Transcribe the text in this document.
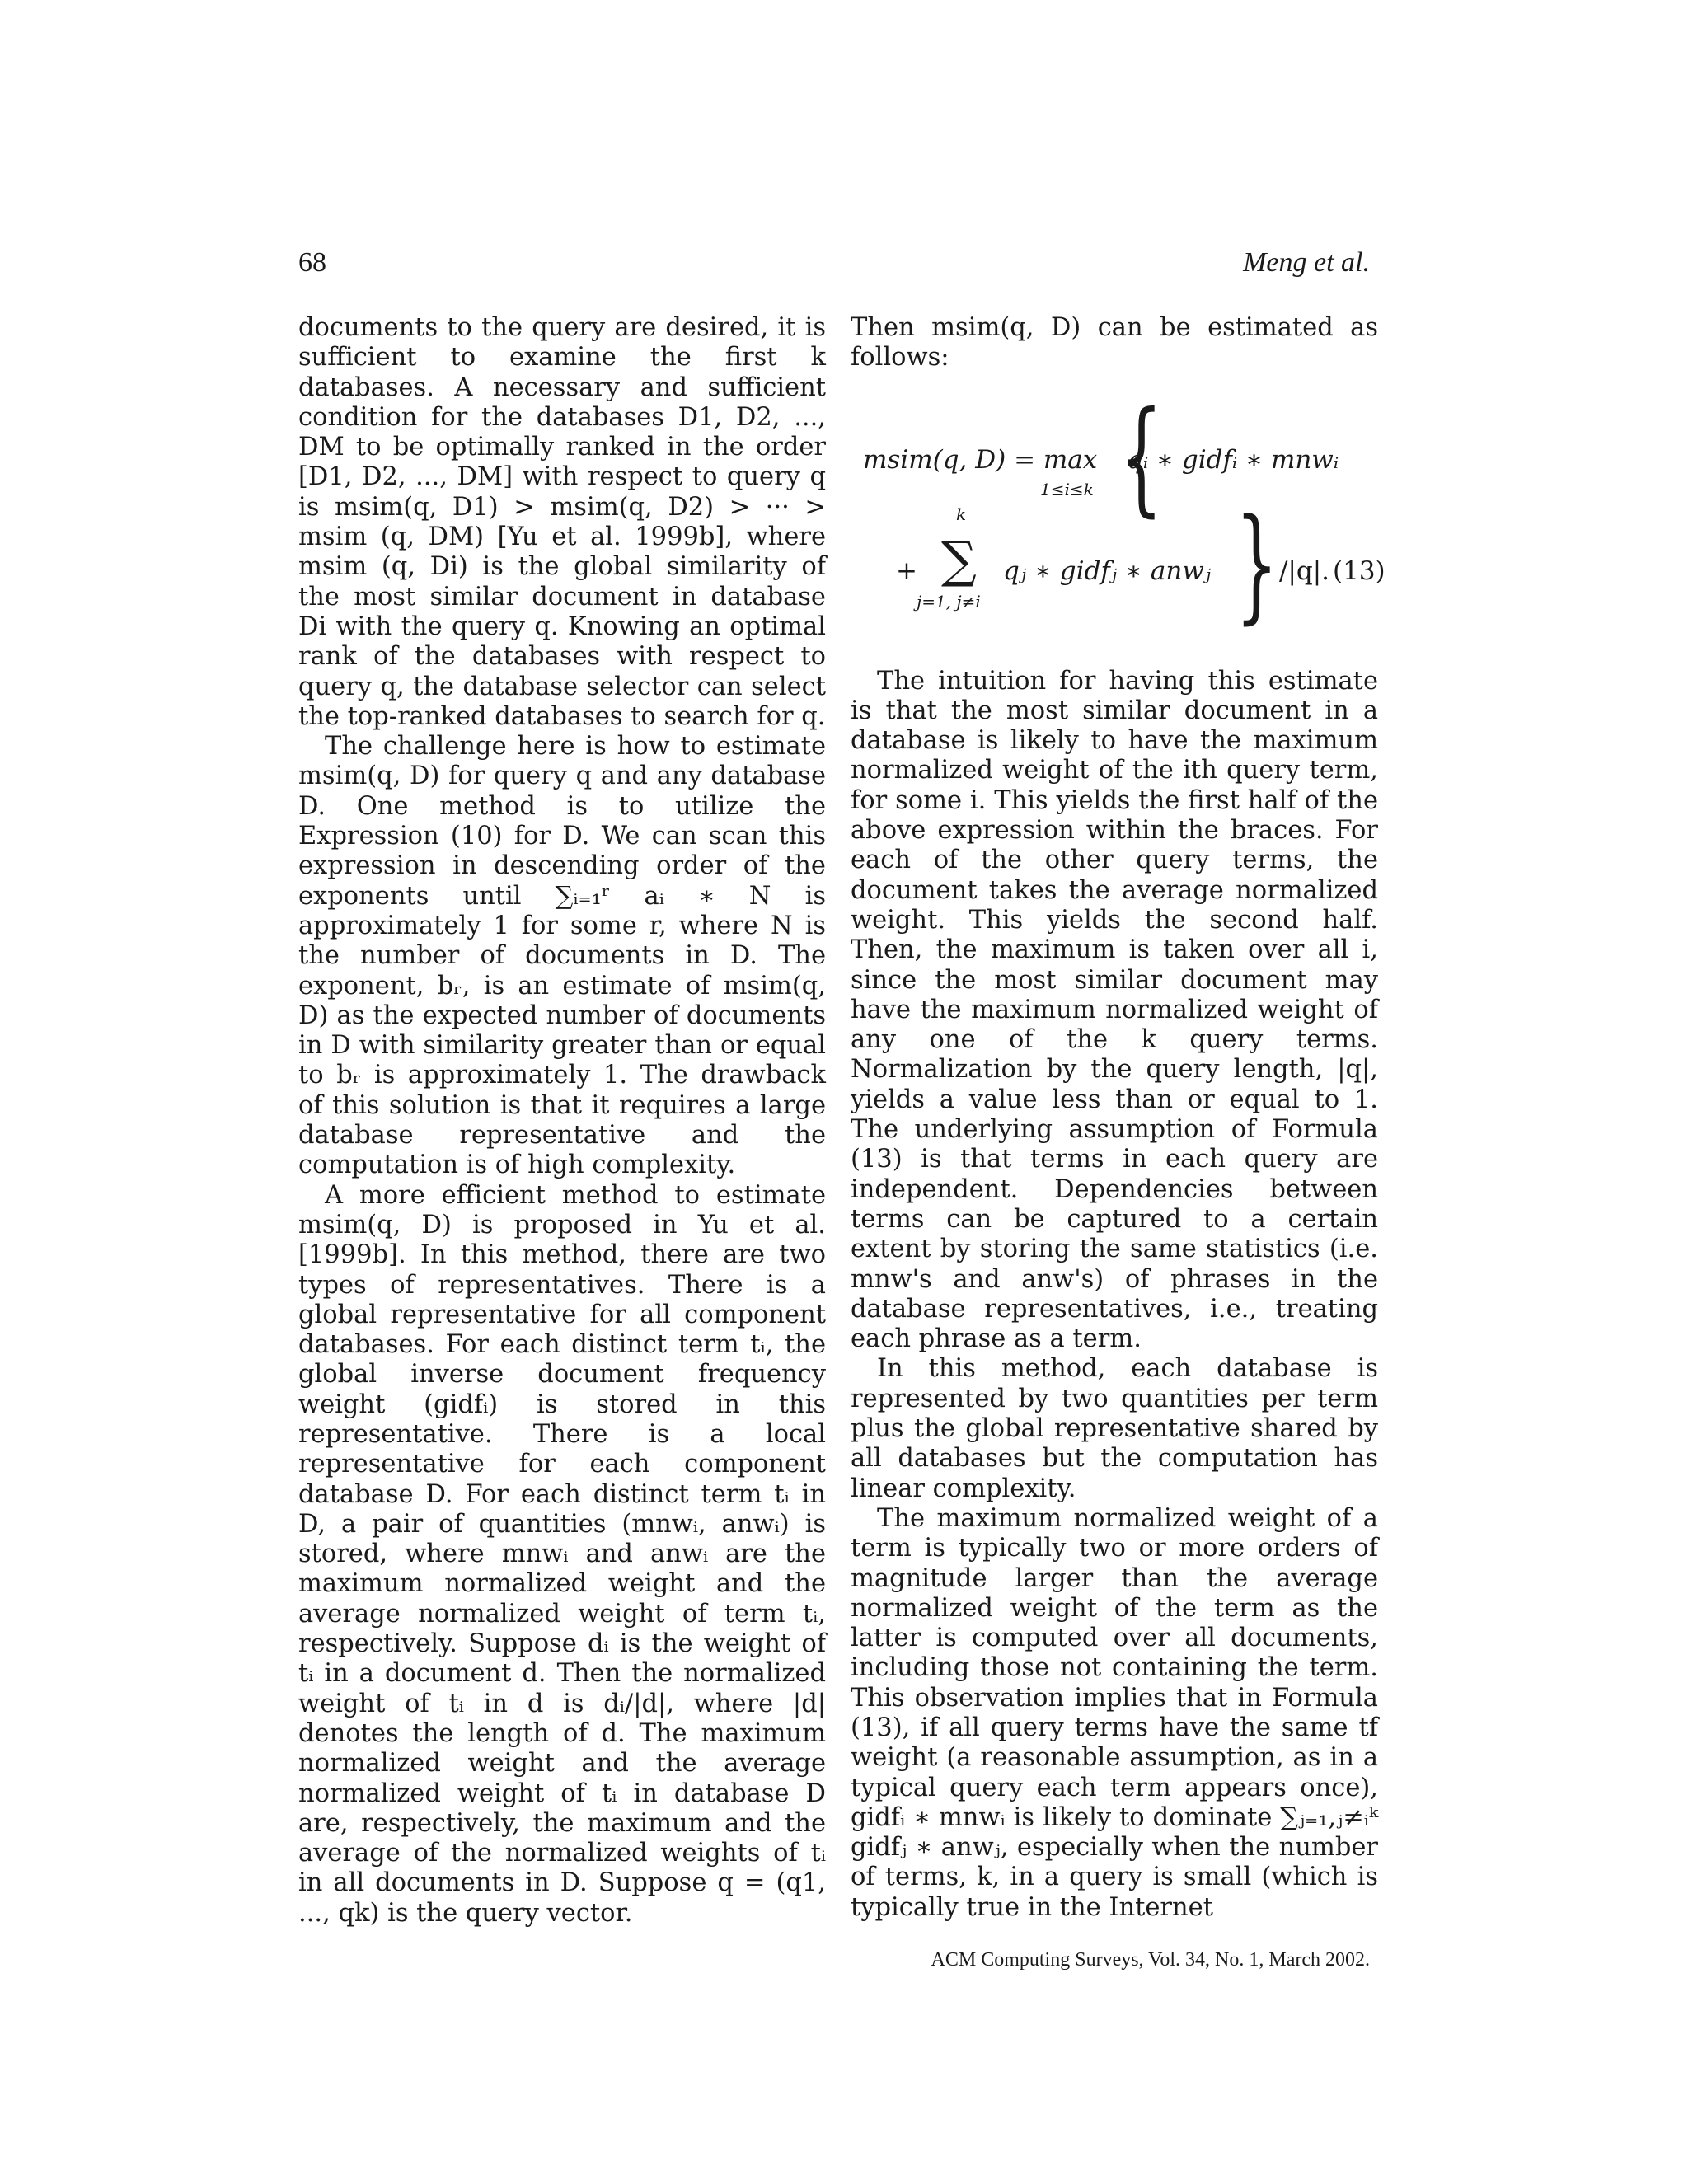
68	Meng et al.

documents to the query are desired, it is sufficient to examine the first k databases. A necessary and sufficient condition for the databases D1, D2, ..., DM to be optimally ranked in the order [D1, D2, ..., DM] with respect to query q is msim(q, D1) > msim(q, D2) > ··· > msim (q, DM) [Yu et al. 1999b], where msim (q, Di) is the global similarity of the most similar document in database Di with the query q. Knowing an optimal rank of the databases with respect to query q, the database selector can select the top-ranked databases to search for q.

The challenge here is how to estimate msim(q, D) for query q and any database D. One method is to utilize the Expression (10) for D. We can scan this expression in descending order of the exponents until ∑ᵢ₌₁ʳ aᵢ ∗ N is approximately 1 for some r, where N is the number of documents in D. The exponent, bᵣ, is an estimate of msim(q, D) as the expected number of documents in D with similarity greater than or equal to bᵣ is approximately 1. The drawback of this solution is that it requires a large database representative and the computation is of high complexity.

A more efficient method to estimate msim(q, D) is proposed in Yu et al. [1999b]. In this method, there are two types of representatives. There is a global representative for all component databases. For each distinct term tᵢ, the global inverse document frequency weight (gidfᵢ) is stored in this representative. There is a local representative for each component database D. For each distinct term tᵢ in D, a pair of quantities (mnwᵢ, anwᵢ) is stored, where mnwᵢ and anwᵢ are the maximum normalized weight and the average normalized weight of term tᵢ, respectively. Suppose dᵢ is the weight of tᵢ in a document d. Then the normalized weight of tᵢ in d is dᵢ/|d|, where |d| denotes the length of d. The maximum normalized weight and the average normalized weight of tᵢ in database D are, respectively, the maximum and the average of the normalized weights of tᵢ in all documents in D. Suppose q = (q1, ..., qk) is the query vector.

Then msim(q, D) can be estimated as follows:

The intuition for having this estimate is that the most similar document in a database is likely to have the maximum normalized weight of the ith query term, for some i. This yields the first half of the above expression within the braces. For each of the other query terms, the document takes the average normalized weight. This yields the second half. Then, the maximum is taken over all i, since the most similar document may have the maximum normalized weight of any one of the k query terms. Normalization by the query length, |q|, yields a value less than or equal to 1. The underlying assumption of Formula (13) is that terms in each query are independent. Dependencies between terms can be captured to a certain extent by storing the same statistics (i.e. mnw's and anw's) of phrases in the database representatives, i.e., treating each phrase as a term.

In this method, each database is represented by two quantities per term plus the global representative shared by all databases but the computation has linear complexity.

The maximum normalized weight of a term is typically two or more orders of magnitude larger than the average normalized weight of the term as the latter is computed over all documents, including those not containing the term. This observation implies that in Formula (13), if all query terms have the same tf weight (a reasonable assumption, as in a typical query each term appears once), gidfᵢ ∗ mnwᵢ is likely to dominate ∑ⱼ₌₁,ⱼ≠ᵢᵏ gidfⱼ ∗ anwⱼ, especially when the number of terms, k, in a query is small (which is typically true in the Internet

msim(q, D) = max
1≤i≤k {
qᵢ ∗ gidfᵢ ∗ mnwᵢ
+
k
∑
j=1, j≠i
qⱼ ∗ gidfⱼ ∗ anwⱼ } /|q|. (13)
ACM Computing Surveys, Vol. 34, No. 1, March 2002.
